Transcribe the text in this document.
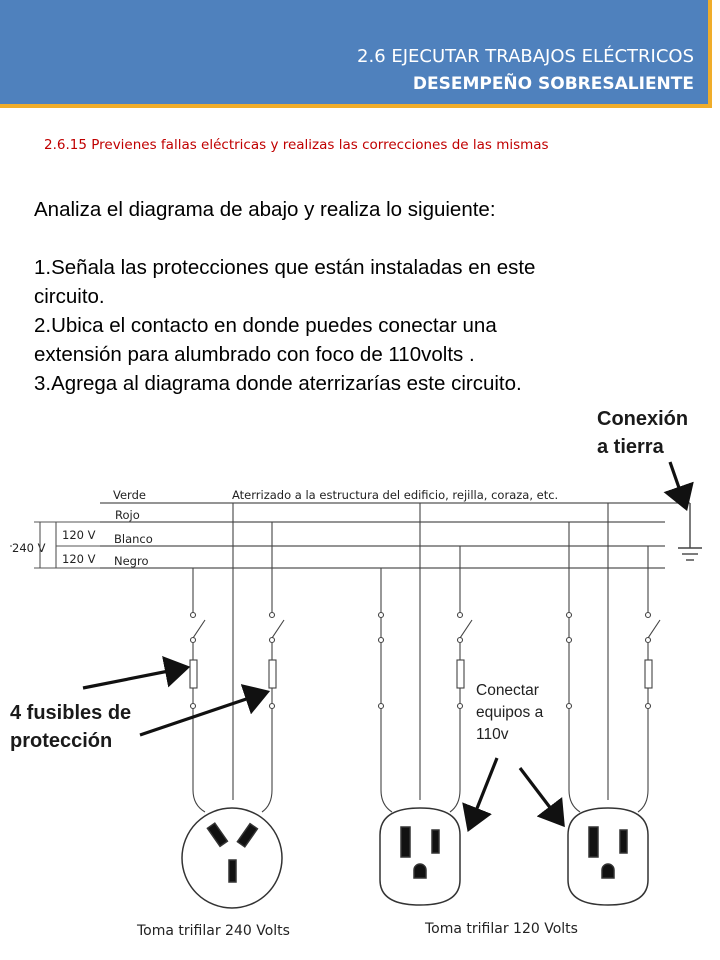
2.6 EJECUTAR TRABAJOS ELÉCTRICOS
DESEMPEÑO SOBRESALIENTE
2.6.15 Previenes fallas eléctricas y realizas las correcciones de las mismas
Analiza el diagrama de abajo y realiza lo siguiente:
1.Señala las protecciones que están instaladas en este
circuito.
2.Ubica el contacto en donde puedes conectar una
extensión para alumbrado con foco de 110volts .
3.Agrega al diagrama donde aterrizarías este circuito.
Verde
Rojo
Blanco
Negro
Aterrizado a la estructura del edificio, rejilla, coraza, etc.
240 V
120 V
120 V
Toma trifilar 240 Volts	Toma trifilar 120 Volts
Conexión
a tierra
4 fusibles de
protección
Conectar
equipos a
110v
